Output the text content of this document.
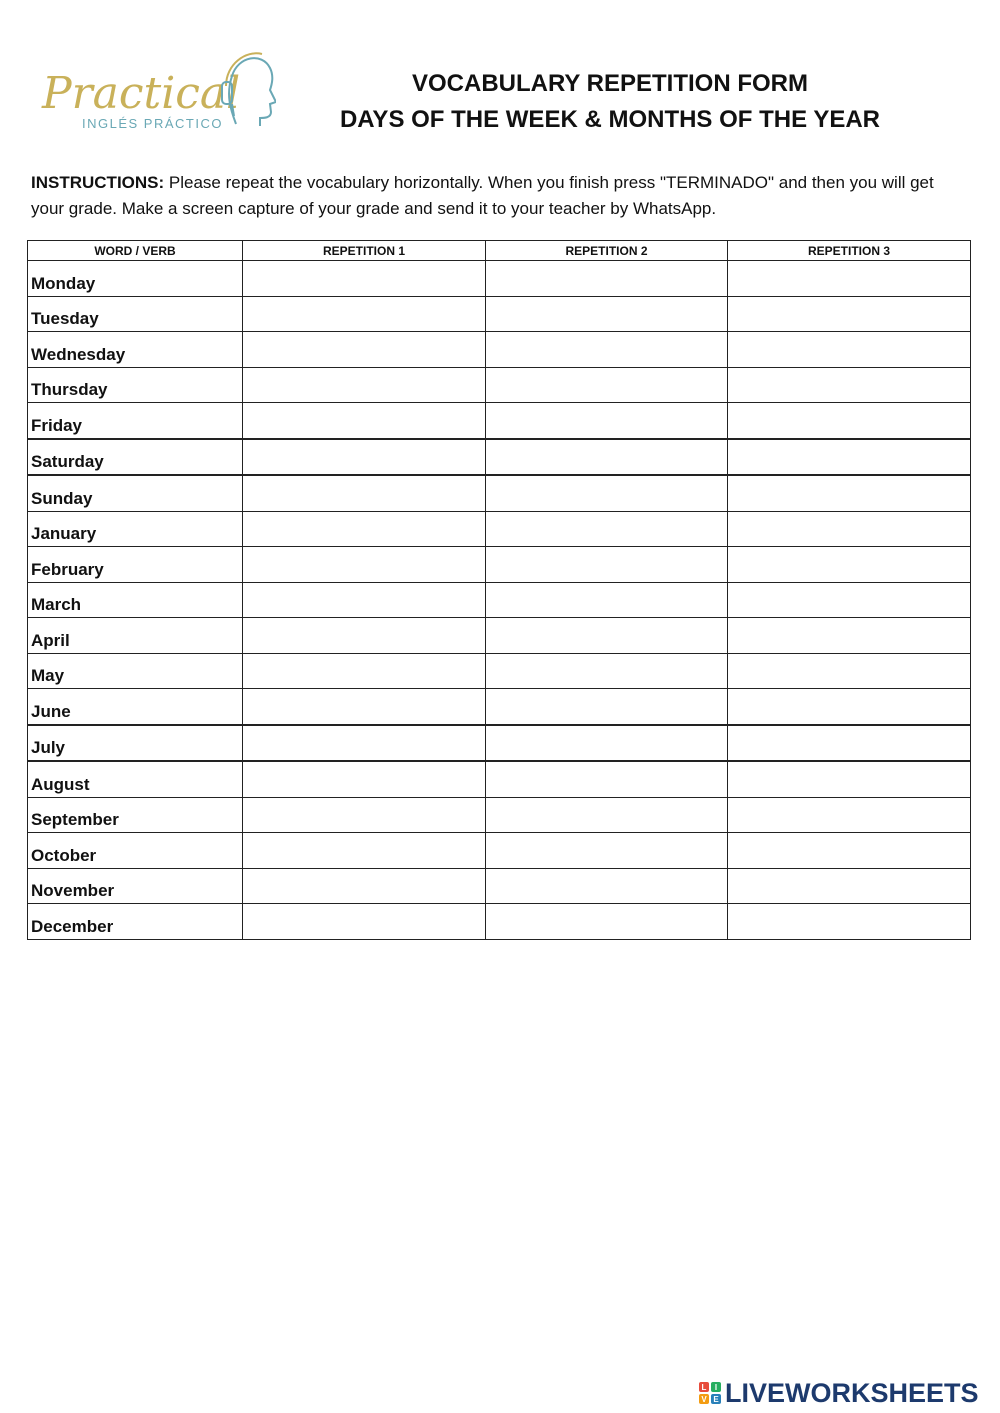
Practical
INGLÉS PRÁCTICO
VOCABULARY REPETITION FORM
DAYS OF THE WEEK & MONTHS OF THE YEAR
INSTRUCTIONS: Please repeat the vocabulary horizontally. When you finish press "TERMINADO" and then you will get your grade. Make a screen capture of your grade and send it to your teacher by WhatsApp.
WORD / VERB	REPETITION 1	REPETITION 2	REPETITION 3
Monday			
Tuesday			
Wednesday			
Thursday			
Friday			
Saturday			
Sunday			
January			
February			
March			
April			
May			
June			
July			
August			
September			
October			
November			
December			
L	I
V E LIVEWORKSHEETS
